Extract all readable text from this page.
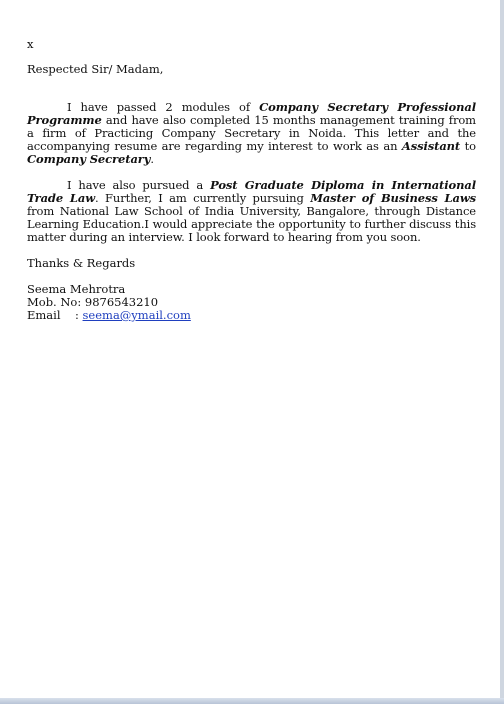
x

Respected Sir/ Madam,

I have passed 2 modules of Company Secretary Professional Programme and have also completed 15 months management training from a firm of Practicing Company Secretary in Noida. This letter and the accompanying resume are regarding my interest to work as an Assistant to Company Secretary.

I have also pursued a Post Graduate Diploma in International Trade Law. Further, I am currently pursuing Master of Business Laws from National Law School of India University, Bangalore, through Distance Learning Education.I would appreciate the opportunity to further discuss this matter during an interview. I look forward to hearing from you soon.

Thanks & Regards

Seema Mehrotra

Mob. No: 9876543210

Email : seema@ymail.com
